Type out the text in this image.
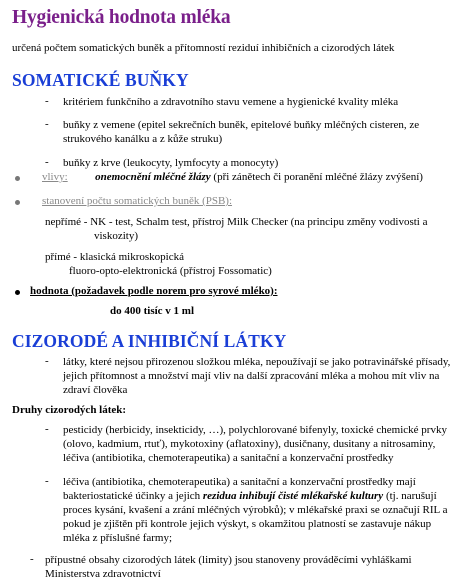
Hygienická hodnota mléka
určená počtem somatických buněk a přítomností reziduí inhibičních a cizorodých látek
SOMATICKÉ BUŇKY
- kritériem funkčního a zdravotního stavu vemene a hygienické kvality mléka
- buňky z vemene (epitel sekrečních buněk, epitelové buňky mléčných cisteren, ze
strukového kanálku a z kůže struku)
- buňky z krve (leukocyty, lymfocyty a monocyty)
vlivy:	onemocnění mléčné žlázy (při zánětech či poranění mléčné žlázy zvýšení)
stanovení počtu somatických buněk (PSB):
nepřímé - NK - test, Schalm test, přístroj Milk Checker (na principu změny vodivosti a
viskozity)
přímé - klasická mikroskopická
fluoro-opto-elektronická (přístroj Fossomatic)
hodnota (požadavek podle norem pro syrové mléko):
do 400 tisíc v 1 ml
CIZORODÉ A INHIBIČNÍ LÁTKY
- látky, které nejsou přirozenou složkou mléka, nepoužívají se jako potravinářské přísady,
jejich přítomnost a množství mají vliv na další zpracování mléka a mohou mít vliv na
zdraví člověka
Druhy cizorodých látek:
- pesticidy (herbicidy, insekticidy, …), polychlorované bifenyly, toxické chemické prvky
(olovo, kadmium, rtuť), mykotoxiny (aflatoxiny), dusičnany, dusitany a nitrosaminy,
léčiva (antibiotika, chemoterapeutika) a sanitační a konzervační prostředky
- léčiva (antibiotika, chemoterapeutika) a sanitační a konzervační prostředky mají
bakteriostatické účinky a jejich rezidua inhibují čisté mlékařské kultury (tj. narušují
proces kysání, kvašení a zrání mléčných výrobků); v mlékařské praxi se označují RIL a
pokud je zjištěn při kontrole jejich výskyt, s okamžitou platností se zastavuje nákup
mléka z příslušné farmy;
- přípustné obsahy cizorodých látek (limity) jsou stanoveny prováděcími vyhláškami
Ministerstva zdravotnictví
